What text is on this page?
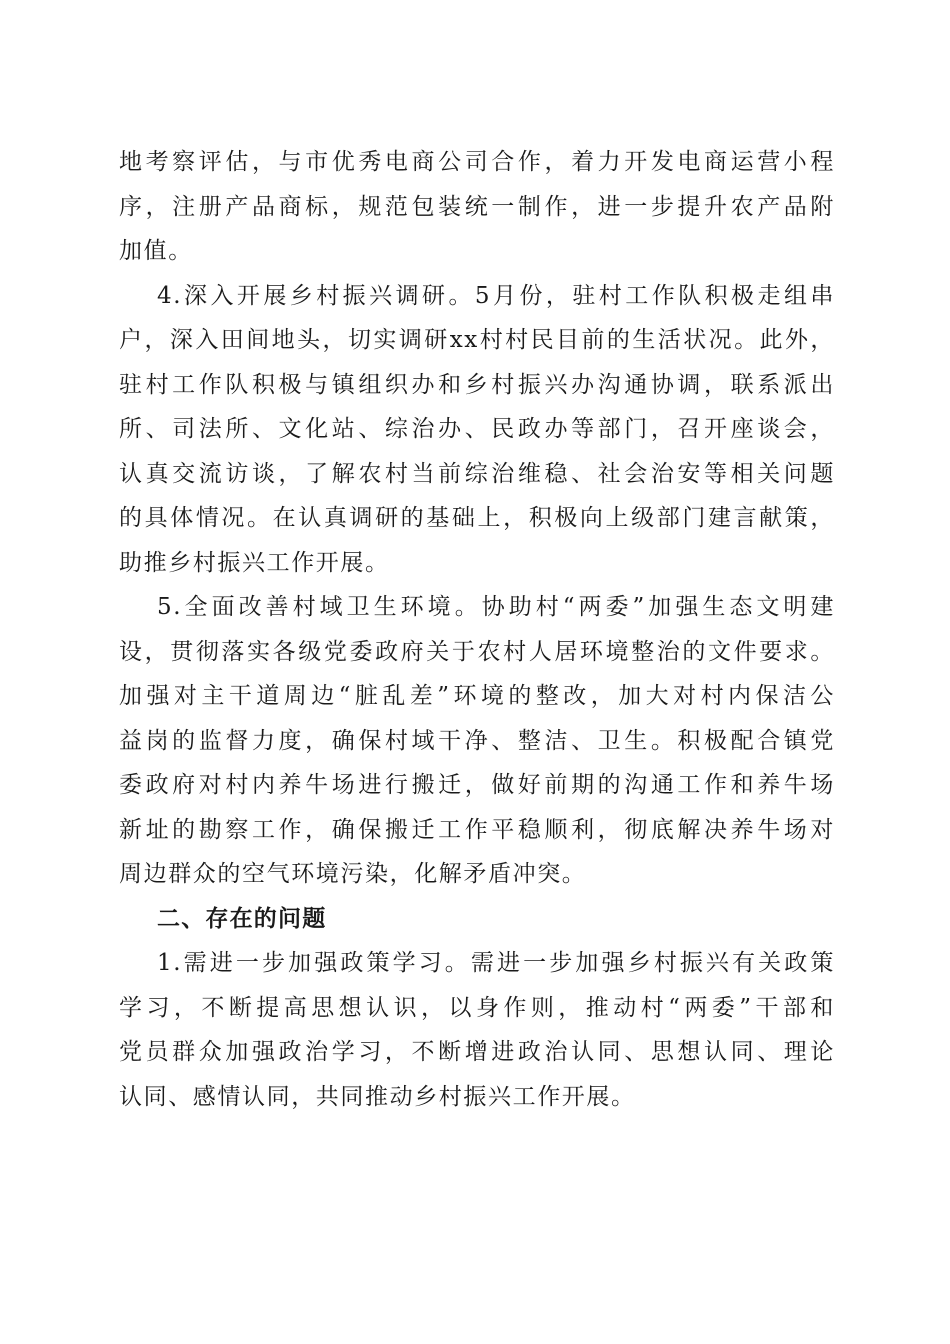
地考察评估，与市优秀电商公司合作，着力开发电商运营小程
序，注册产品商标，规范包装统一制作，进一步提升农产品附
加值。
4.深入开展乡村振兴调研。5月份，驻村工作队积极走组串
户，深入田间地头，切实调研xx村村民目前的生活状况。此外，
驻村工作队积极与镇组织办和乡村振兴办沟通协调，联系派出
所、司法所、文化站、综治办、民政办等部门，召开座谈会，
认真交流访谈，了解农村当前综治维稳、社会治安等相关问题
的具体情况。在认真调研的基础上，积极向上级部门建言献策，
助推乡村振兴工作开展。
5.全面改善村域卫生环境。协助村“两委”加强生态文明建
设，贯彻落实各级党委政府关于农村人居环境整治的文件要求。
加强对主干道周边“脏乱差”环境的整改，加大对村内保洁公
益岗的监督力度，确保村域干净、整洁、卫生。积极配合镇党
委政府对村内养牛场进行搬迁，做好前期的沟通工作和养牛场
新址的勘察工作，确保搬迁工作平稳顺利，彻底解决养牛场对
周边群众的空气环境污染，化解矛盾冲突。
二、存在的问题
1.需进一步加强政策学习。需进一步加强乡村振兴有关政策
学习，不断提高思想认识，以身作则，推动村“两委”干部和
党员群众加强政治学习，不断增进政治认同、思想认同、理论
认同、感情认同，共同推动乡村振兴工作开展。
